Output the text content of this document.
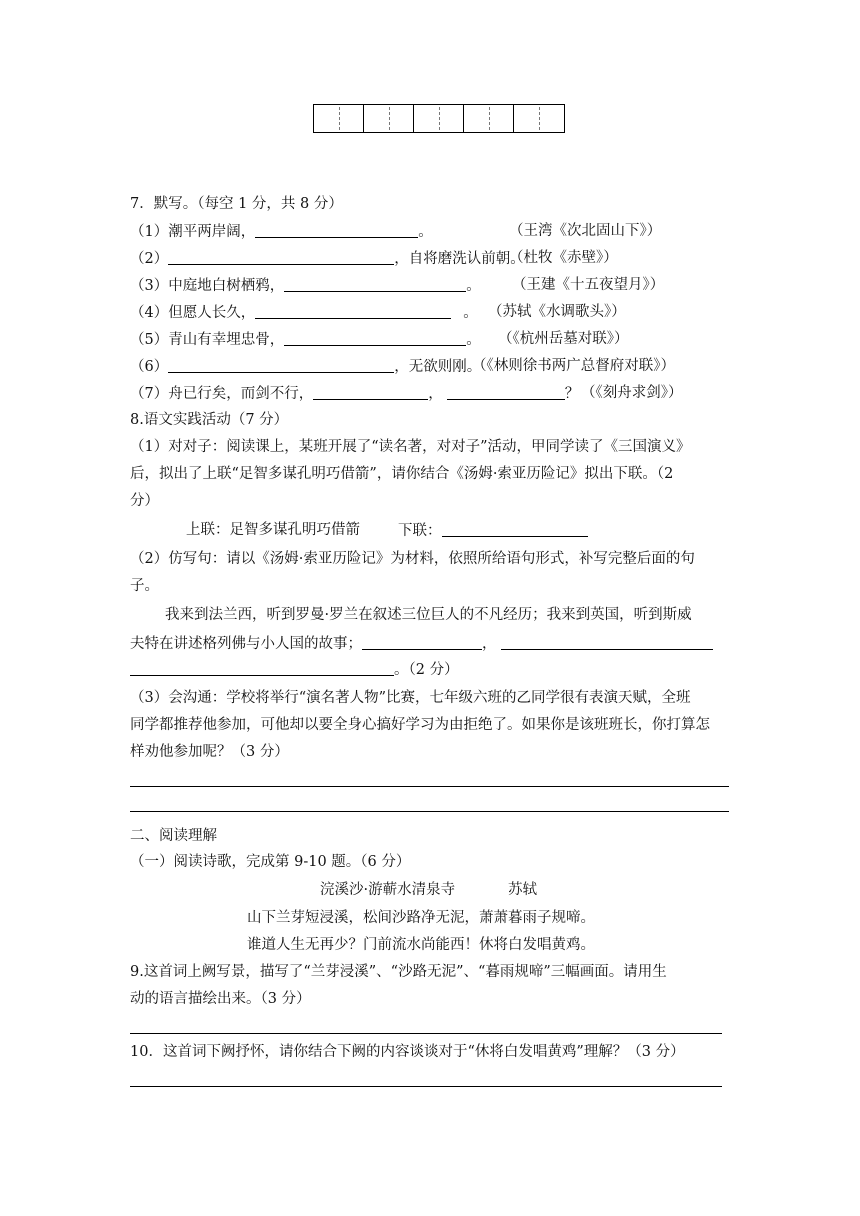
7．默写。（每空 1 分，共 8 分）
（1）潮平两岸阔，	。	（王湾《次北固山下》）
（2）	，自将磨洗认前朝。
（杜牧《赤壁》）
（3）中庭地白树栖鸦，	。 （王建《十五夜望月》）
（4）但愿人长久，	。 （苏轼《水调歌头》）
（5）青山有幸埋忠骨，	。 （《杭州岳墓对联》）
（6）	，无欲则刚。
（《林则徐书两广总督府对联》）
（7）舟已行矣，而剑不行，	，	？ （《刻舟求剑》）
8.语文实践活动（7 分）
（1）对对子：阅读课上，某班开展了“读名著，对对子”活动，甲同学读了《三国演义》
后，拟出了上联“足智多谋孔明巧借箭”，请你结合《汤姆·索亚历险记》拟出下联。（2
分）
上联：足智多谋孔明巧借箭	下联：
（2）仿写句：请以《汤姆·索亚历险记》为材料，依照所给语句形式，补写完整后面的句
子。
我来到法兰西，听到罗曼·罗兰在叙述三位巨人的不凡经历；我来到英国，听到斯威
夫特在讲述格列佛与小人国的故事；	，
。（2 分）
（3）会沟通：学校将举行“演名著人物”比赛，七年级六班的乙同学很有表演天赋，全班
同学都推荐他参加，可他却以要全身心搞好学习为由拒绝了。如果你是该班班长，你打算怎
样劝他参加呢？（3 分）
二、阅读理解
（一）阅读诗歌，完成第 9-10 题。（6 分）
浣溪沙·游蕲水清泉寺	苏轼
山下兰芽短浸溪，松间沙路净无泥，萧萧暮雨子规啼。
谁道人生无再少？门前流水尚能西！休将白发唱黄鸡。
9.这首词上阙写景，描写了“兰芽浸溪”、“沙路无泥”、“暮雨规啼”三幅画面。请用生
动的语言描绘出来。（3 分）
10．这首词下阙抒怀，请你结合下阙的内容谈谈对于“休将白发唱黄鸡”理解？（3 分）
